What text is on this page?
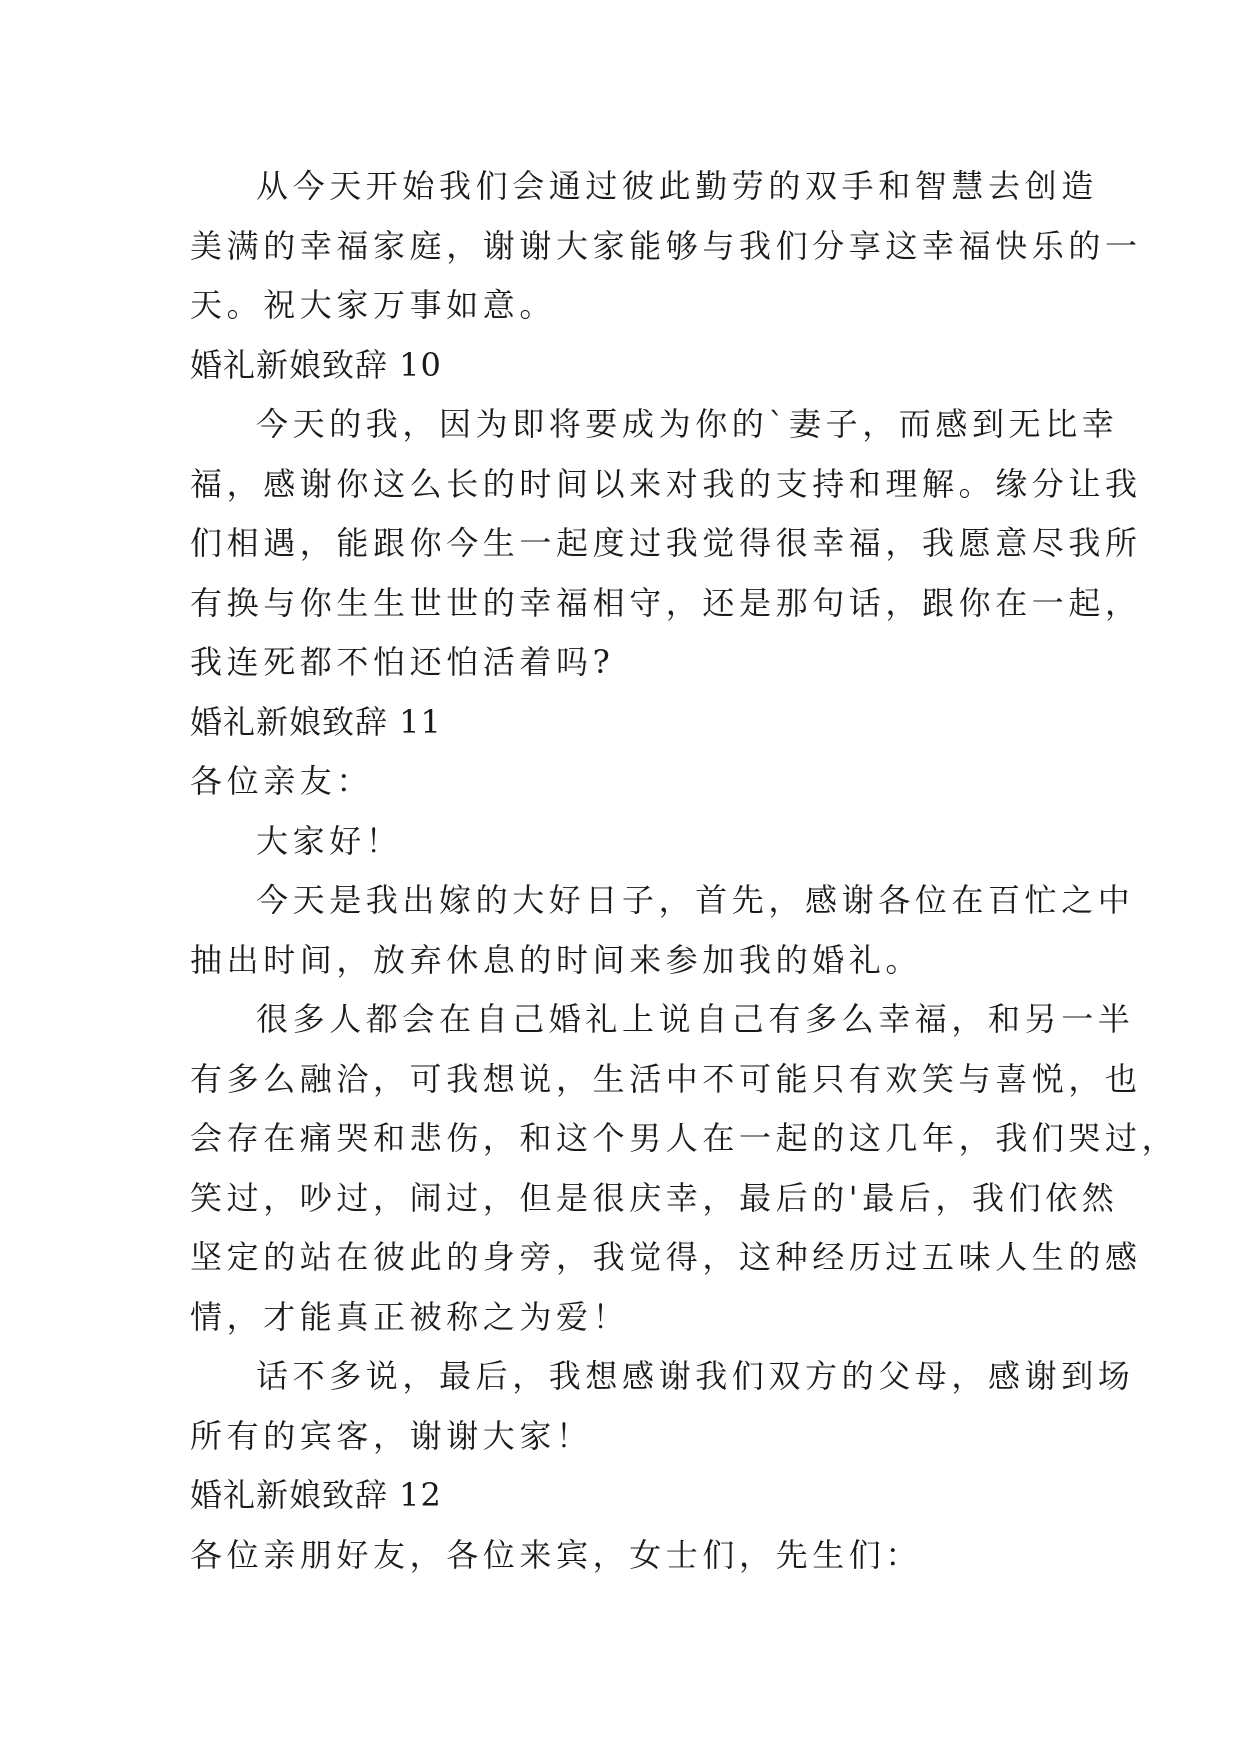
从今天开始我们会通过彼此勤劳的双手和智慧去创造
美满的幸福家庭，谢谢大家能够与我们分享这幸福快乐的一
天。祝大家万事如意。
婚礼新娘致辞 10
今天的我，因为即将要成为你的`妻子，而感到无比幸
福，感谢你这么长的时间以来对我的支持和理解。缘分让我
们相遇，能跟你今生一起度过我觉得很幸福，我愿意尽我所
有换与你生生世世的幸福相守，还是那句话，跟你在一起，
我连死都不怕还怕活着吗?
婚礼新娘致辞 11
各位亲友：
大家好！
今天是我出嫁的大好日子，首先，感谢各位在百忙之中
抽出时间，放弃休息的时间来参加我的婚礼。
很多人都会在自己婚礼上说自己有多么幸福，和另一半
有多么融洽，可我想说，生活中不可能只有欢笑与喜悦，也
会存在痛哭和悲伤，和这个男人在一起的这几年，我们哭过，
笑过，吵过，闹过，但是很庆幸，最后的'最后，我们依然
坚定的站在彼此的身旁，我觉得，这种经历过五味人生的感
情，才能真正被称之为爱！
话不多说，最后，我想感谢我们双方的父母，感谢到场
所有的宾客，谢谢大家！
婚礼新娘致辞 12
各位亲朋好友，各位来宾，女士们，先生们：
